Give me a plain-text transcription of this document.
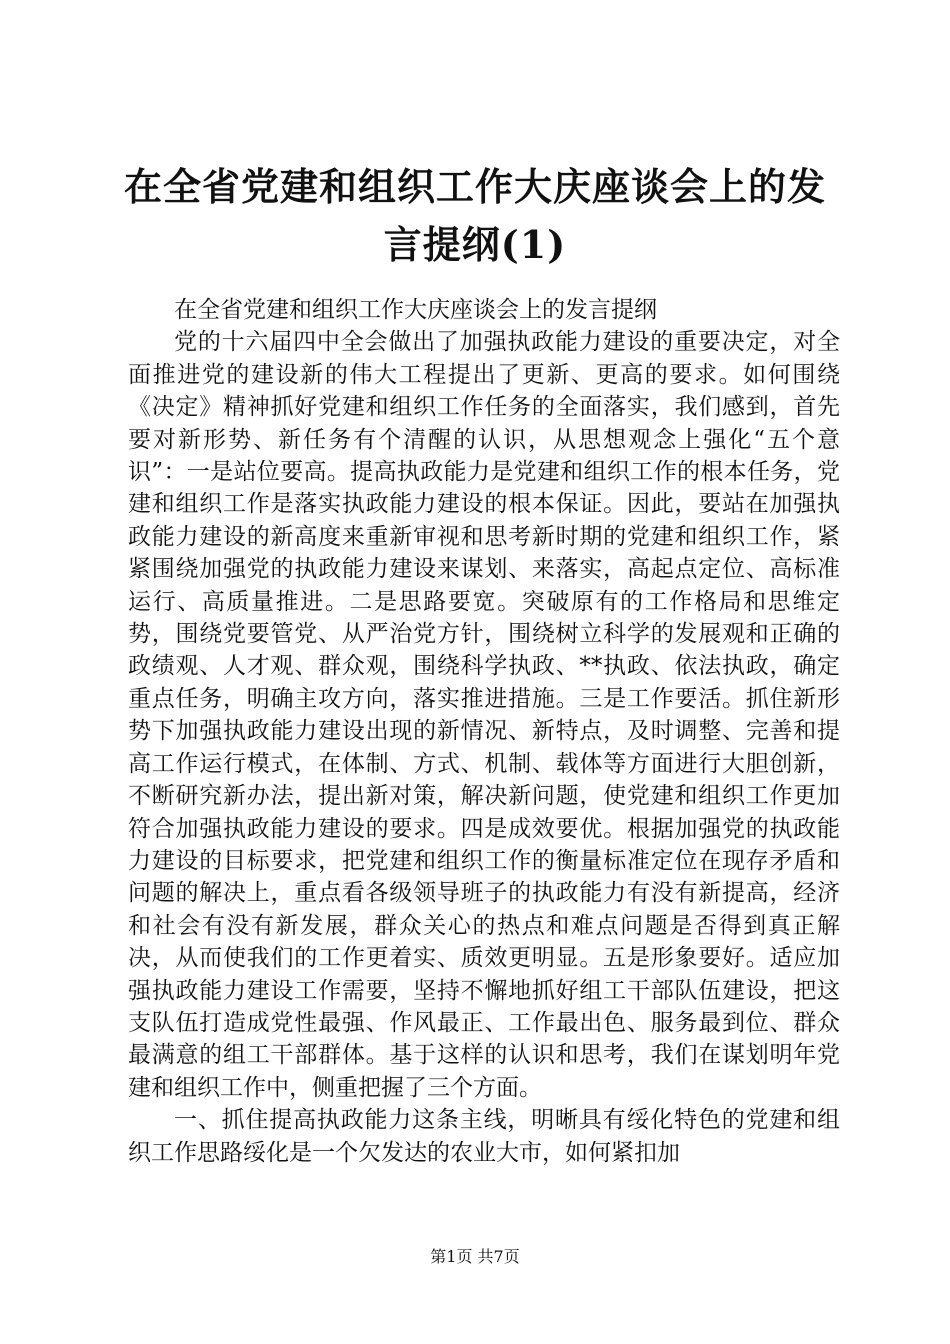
在全省党建和组织工作大庆座谈会上的发言提纲(1)

在全省党建和组织工作大庆座谈会上的发言提纲

党的十六届四中全会做出了加强执政能力建设的重要决定，对全面推进党的建设新的伟大工程提出了更新、更高的要求。如何围绕《决定》精神抓好党建和组织工作任务的全面落实，我们感到，首先要对新形势、新任务有个清醒的认识，从思想观念上强化“五个意识”：一是站位要高。提高执政能力是党建和组织工作的根本任务，党建和组织工作是落实执政能力建设的根本保证。因此，要站在加强执政能力建设的新高度来重新审视和思考新时期的党建和组织工作，紧紧围绕加强党的执政能力建设来谋划、来落实，高起点定位、高标准运行、高质量推进。二是思路要宽。突破原有的工作格局和思维定势，围绕党要管党、从严治党方针，围绕树立科学的发展观和正确的政绩观、人才观、群众观，围绕科学执政、**执政、依法执政，确定重点任务，明确主攻方向，落实推进措施。三是工作要活。抓住新形势下加强执政能力建设出现的新情况、新特点，及时调整、完善和提高工作运行模式，在体制、方式、机制、载体等方面进行大胆创新，不断研究新办法，提出新对策，解决新问题，使党建和组织工作更加符合加强执政能力建设的要求。四是成效要优。根据加强党的执政能力建设的目标要求，把党建和组织工作的衡量标准定位在现存矛盾和问题的解决上，重点看各级领导班子的执政能力有没有新提高，经济和社会有没有新发展，群众关心的热点和难点问题是否得到真正解决，从而使我们的工作更着实、质效更明显。五是形象要好。适应加强执政能力建设工作需要，坚持不懈地抓好组工干部队伍建设，把这支队伍打造成党性最强、作风最正、工作最出色、服务最到位、群众最满意的组工干部群体。基于这样的认识和思考，我们在谋划明年党建和组织工作中，侧重把握了三个方面。

一、抓住提高执政能力这条主线，明晰具有绥化特色的党建和组织工作思路绥化是一个欠发达的农业大市，如何紧扣加

第1页 共7页
